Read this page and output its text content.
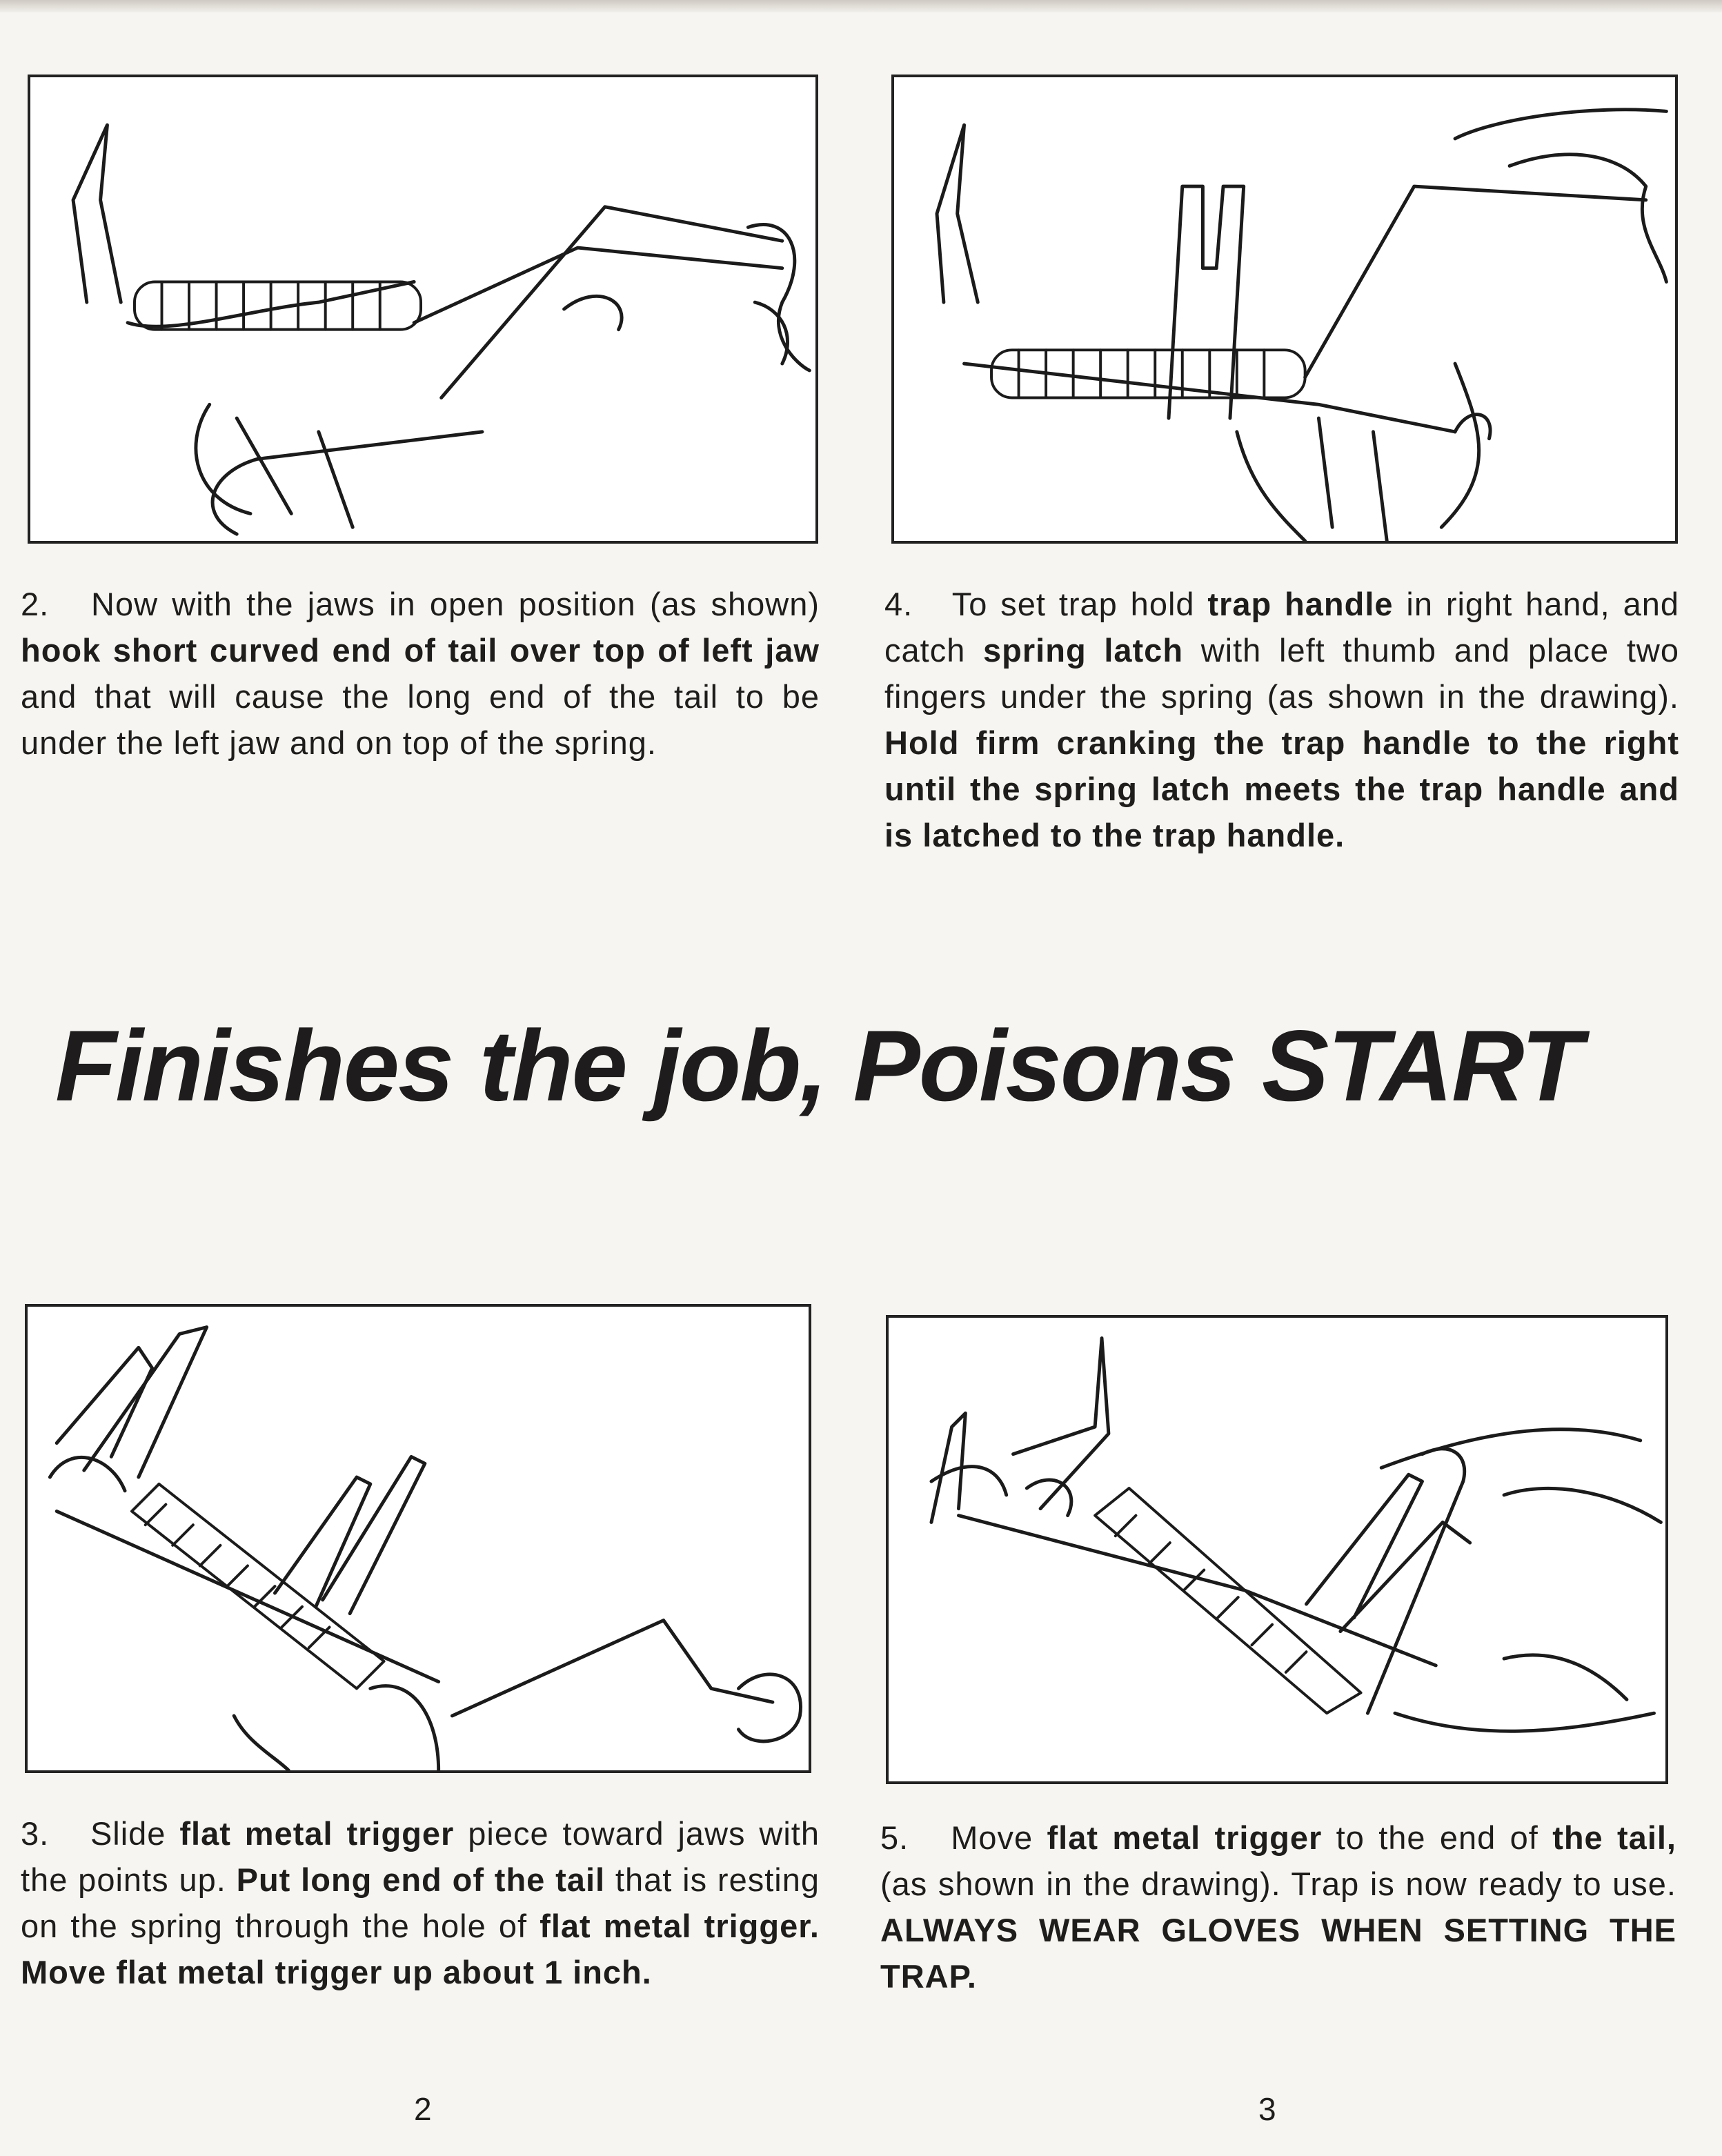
2.   Now with the jaws in open position (as shown) hook short curved end of tail over top of left jaw and that will cause the long end of the tail to be under the left jaw and on top of the spring.

4.   To set trap hold trap handle in right hand, and catch spring latch with left thumb and place two fingers under the spring (as shown in the drawing). Hold firm cranking the trap handle to the right until the spring latch meets the trap handle and is latched to the trap handle.

Finishes the job, Poisons START

3.   Slide flat metal trigger piece toward jaws with the points up. Put long end of the tail that is resting on the spring through the hole of flat metal trigger. Move flat metal trigger up about 1 inch.

5.   Move flat metal trigger to the end of the tail, (as shown in the drawing). Trap is now ready to use. ALWAYS WEAR GLOVES WHEN SETTING THE TRAP.

2	3
